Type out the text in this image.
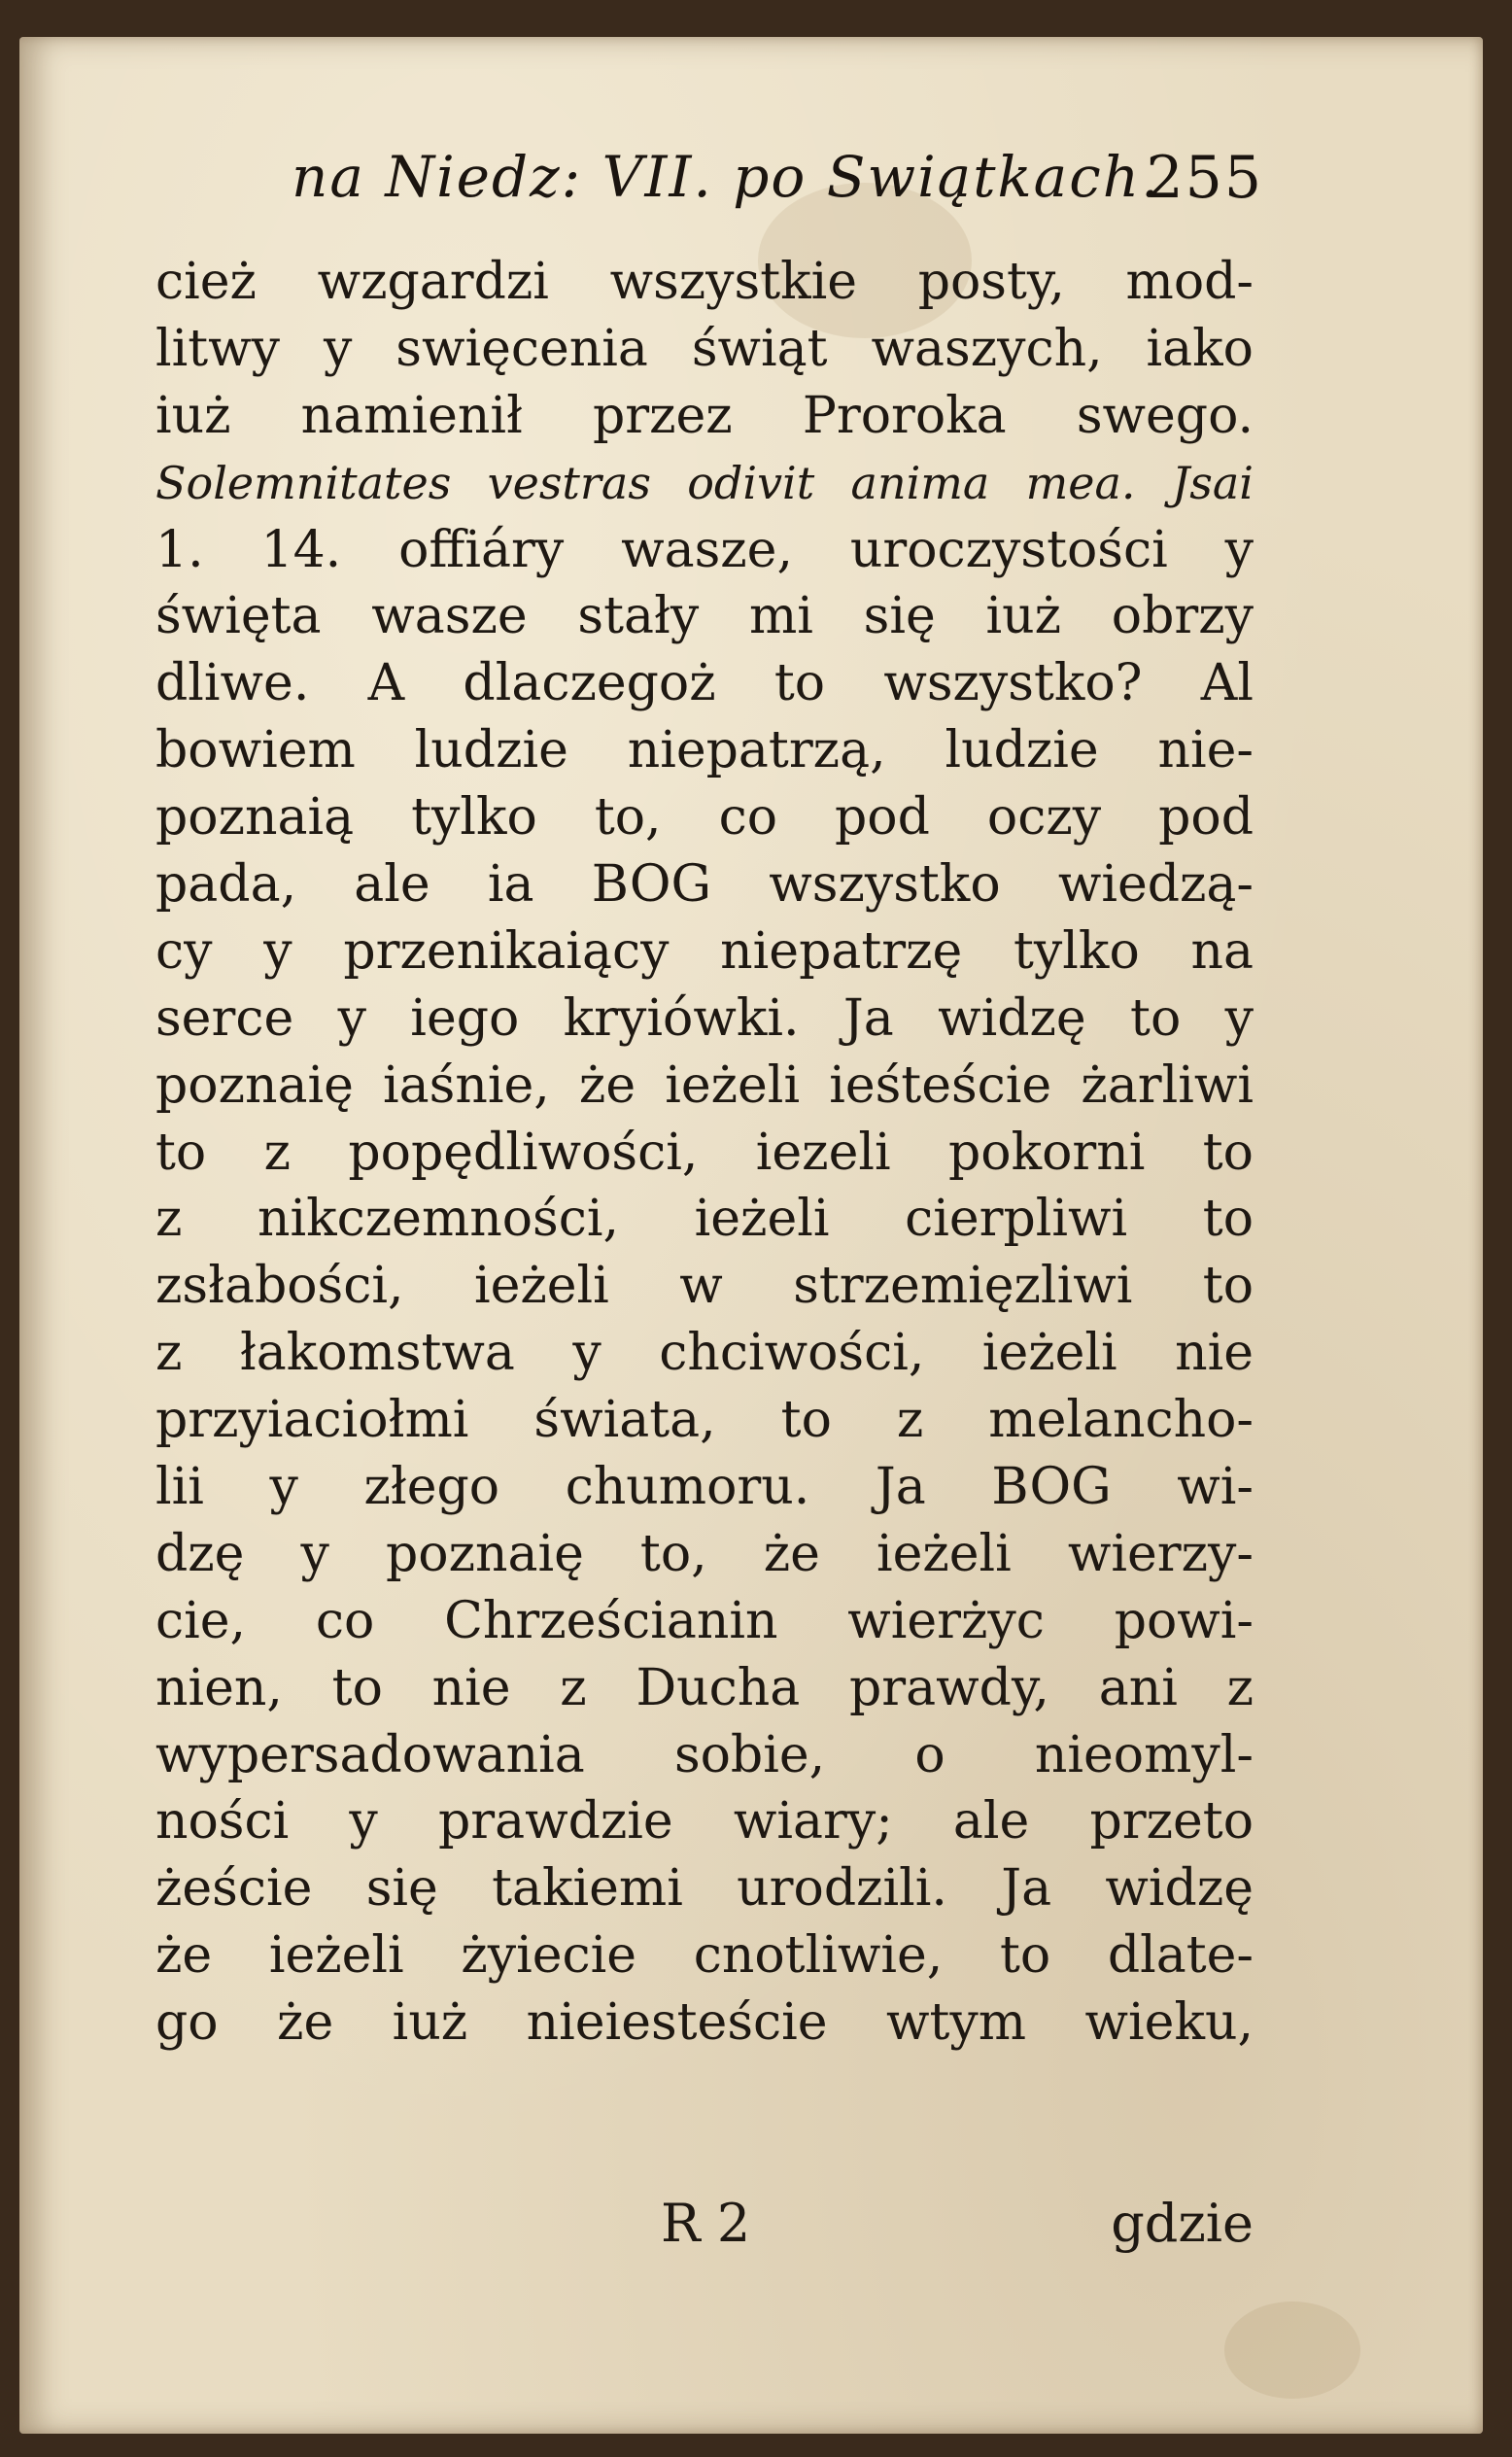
na Niedz: VII. po Swiątkach.
255
cież wzgardzi wszystkie posty, mod-
litwy y swięcenia świąt waszych, iako
iuż namienił przez Proroka swego.
Solemnitates vestras odivit anima mea. Jsai
1. 14. offiáry wasze, uroczystości y
święta wasze stały mi się iuż obrzy
dliwe. A dlaczegoż to wszystko? Al
bowiem ludzie niepatrzą, ludzie nie-
poznaią tylko to, co pod oczy pod
pada, ale ia BOG wszystko wiedzą-
cy y przenikaiący niepatrzę tylko na
serce y iego kryiówki. Ja widzę to y
poznaię iaśnie, że ieżeli ieśteście żarliwi
to z popędliwości, iezeli pokorni to
z nikczemności, ieżeli cierpliwi to
zsłabości, ieżeli w strzemięzliwi to
z łakomstwa y chciwości, ieżeli nie
przyiaciołmi świata, to z melancho-
lii y złego chumoru. Ja BOG wi-
dzę y poznaię to, że ieżeli wierzy-
cie, co Chrześcianin wierżyc powi-
nien, to nie z Ducha prawdy, ani z
wypersadowania sobie, o nieomyl-
ności y prawdzie wiary; ale przeto
żeście się takiemi urodzili. Ja widzę
że ieżeli żyiecie cnotliwie, to dlate-
go że iuż nieiesteście wtym wieku,
R 2	gdzie
